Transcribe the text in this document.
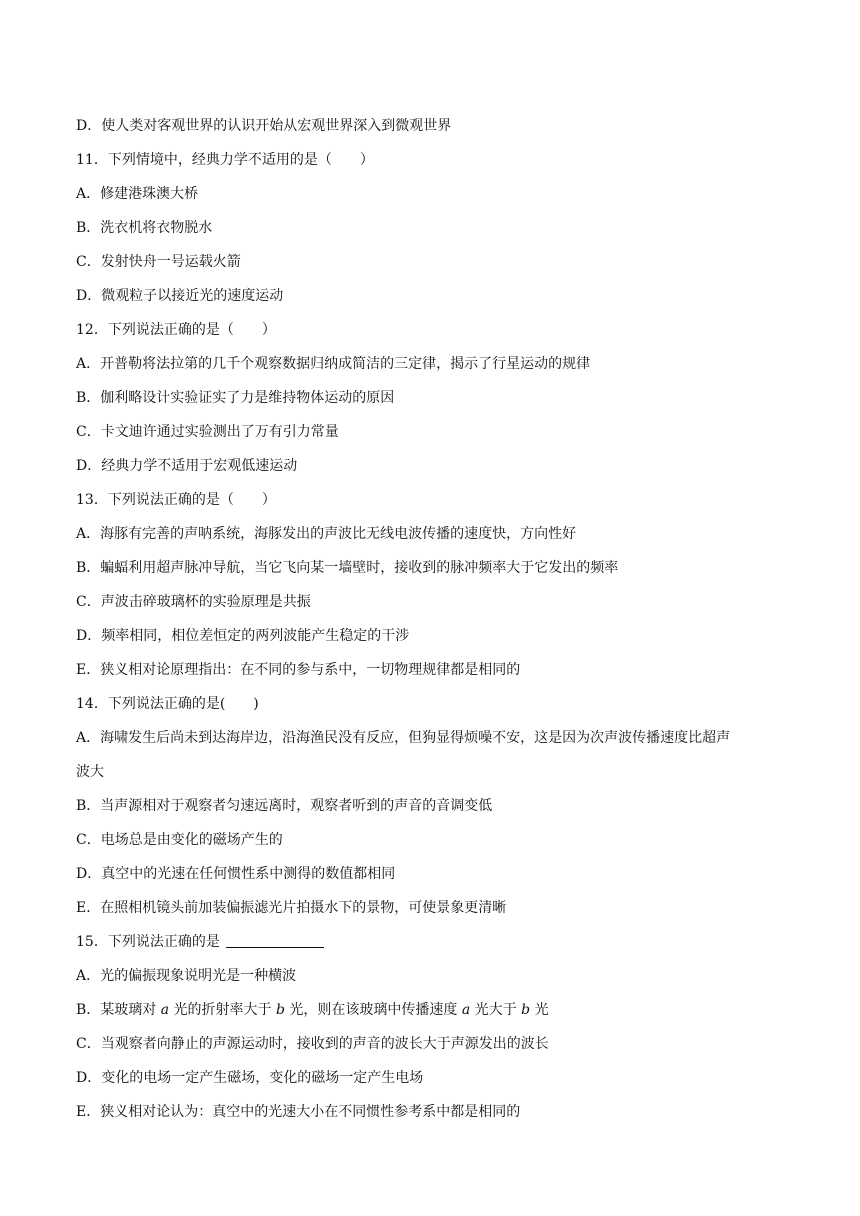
D．使人类对客观世界的认识开始从宏观世界深入到微观世界
11．下列情境中，经典力学不适用的是（　　）
A．修建港珠澳大桥
B．洗衣机将衣物脱水
C．发射快舟一号运载火箭
D．微观粒子以接近光的速度运动
12．下列说法正确的是（　　）
A．开普勒将法拉第的几千个观察数据归纳成简洁的三定律，揭示了行星运动的规律
B．伽利略设计实验证实了力是维持物体运动的原因
C．卡文迪许通过实验测出了万有引力常量
D．经典力学不适用于宏观低速运动
13．下列说法正确的是（　　）
A．海豚有完善的声呐系统，海豚发出的声波比无线电波传播的速度快，方向性好
B．蝙蝠利用超声脉冲导航，当它飞向某一墙壁时，接收到的脉冲频率大于它发出的频率
C．声波击碎玻璃杯的实验原理是共振
D．频率相同，相位差恒定的两列波能产生稳定的干涉
E．狭义相对论原理指出：在不同的参与系中，一切物理规律都是相同的
14．下列说法正确的是(　　)
A．海啸发生后尚未到达海岸边，沿海渔民没有反应，但狗显得烦噪不安，这是因为次声波传播速度比超声
波大
B．当声源相对于观察者匀速远离时，观察者听到的声音的音调变低
C．电场总是由变化的磁场产生的
D．真空中的光速在任何惯性系中测得的数值都相同
E．在照相机镜头前加装偏振滤光片拍摄水下的景物，可使景象更清晰
15．下列说法正确的是
A．光的偏振现象说明光是一种横波
B．某玻璃对 a 光的折射率大于 b 光，则在该玻璃中传播速度 a 光大于 b 光
C．当观察者向静止的声源运动时，接收到的声音的波长大于声源发出的波长
D．变化的电场一定产生磁场，变化的磁场一定产生电场
E．狭义相对论认为：真空中的光速大小在不同惯性参考系中都是相同的
